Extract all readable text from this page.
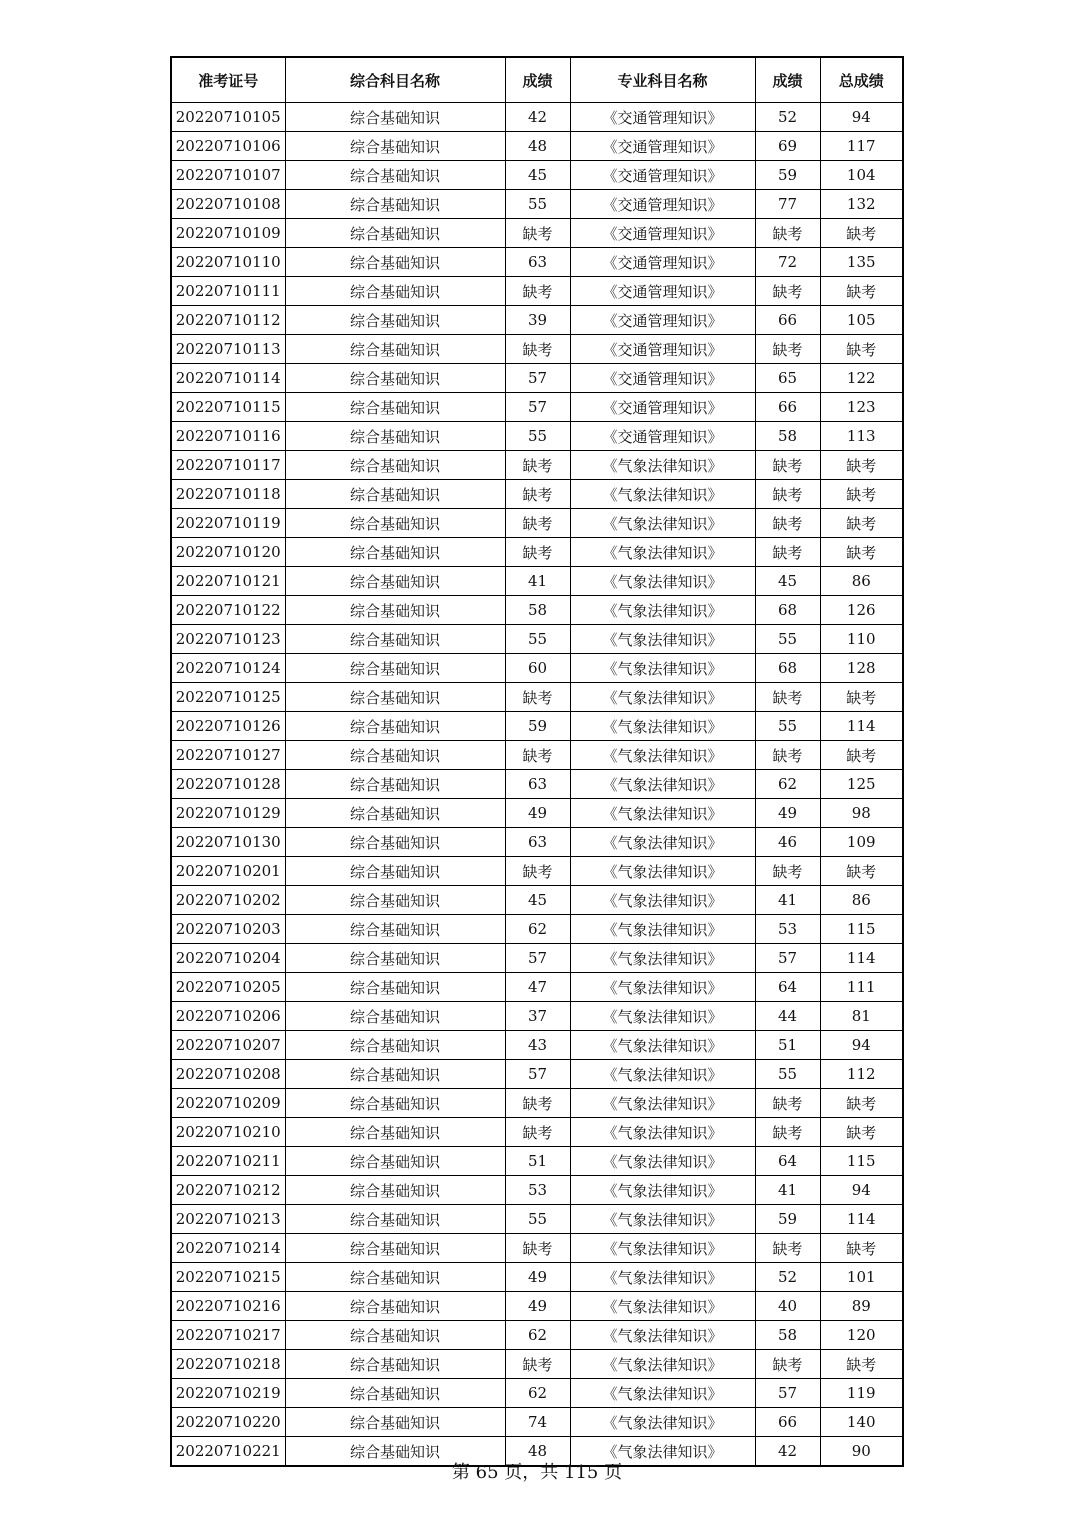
准考证号	综合科目名称	成绩	专业科目名称	成绩	总成绩
20220710105	综合基础知识	42	《交通管理知识》	52	94
20220710106	综合基础知识	48	《交通管理知识》	69	117
20220710107	综合基础知识	45	《交通管理知识》	59	104
20220710108	综合基础知识	55	《交通管理知识》	77	132
20220710109	综合基础知识	缺考	《交通管理知识》	缺考	缺考
20220710110	综合基础知识	63	《交通管理知识》	72	135
20220710111	综合基础知识	缺考	《交通管理知识》	缺考	缺考
20220710112	综合基础知识	39	《交通管理知识》	66	105
20220710113	综合基础知识	缺考	《交通管理知识》	缺考	缺考
20220710114	综合基础知识	57	《交通管理知识》	65	122
20220710115	综合基础知识	57	《交通管理知识》	66	123
20220710116	综合基础知识	55	《交通管理知识》	58	113
20220710117	综合基础知识	缺考	《气象法律知识》	缺考	缺考
20220710118	综合基础知识	缺考	《气象法律知识》	缺考	缺考
20220710119	综合基础知识	缺考	《气象法律知识》	缺考	缺考
20220710120	综合基础知识	缺考	《气象法律知识》	缺考	缺考
20220710121	综合基础知识	41	《气象法律知识》	45	86
20220710122	综合基础知识	58	《气象法律知识》	68	126
20220710123	综合基础知识	55	《气象法律知识》	55	110
20220710124	综合基础知识	60	《气象法律知识》	68	128
20220710125	综合基础知识	缺考	《气象法律知识》	缺考	缺考
20220710126	综合基础知识	59	《气象法律知识》	55	114
20220710127	综合基础知识	缺考	《气象法律知识》	缺考	缺考
20220710128	综合基础知识	63	《气象法律知识》	62	125
20220710129	综合基础知识	49	《气象法律知识》	49	98
20220710130	综合基础知识	63	《气象法律知识》	46	109
20220710201	综合基础知识	缺考	《气象法律知识》	缺考	缺考
20220710202	综合基础知识	45	《气象法律知识》	41	86
20220710203	综合基础知识	62	《气象法律知识》	53	115
20220710204	综合基础知识	57	《气象法律知识》	57	114
20220710205	综合基础知识	47	《气象法律知识》	64	111
20220710206	综合基础知识	37	《气象法律知识》	44	81
20220710207	综合基础知识	43	《气象法律知识》	51	94
20220710208	综合基础知识	57	《气象法律知识》	55	112
20220710209	综合基础知识	缺考	《气象法律知识》	缺考	缺考
20220710210	综合基础知识	缺考	《气象法律知识》	缺考	缺考
20220710211	综合基础知识	51	《气象法律知识》	64	115
20220710212	综合基础知识	53	《气象法律知识》	41	94
20220710213	综合基础知识	55	《气象法律知识》	59	114
20220710214	综合基础知识	缺考	《气象法律知识》	缺考	缺考
20220710215	综合基础知识	49	《气象法律知识》	52	101
20220710216	综合基础知识	49	《气象法律知识》	40	89
20220710217	综合基础知识	62	《气象法律知识》	58	120
20220710218	综合基础知识	缺考	《气象法律知识》	缺考	缺考
20220710219	综合基础知识	62	《气象法律知识》	57	119
20220710220	综合基础知识	74	《气象法律知识》	66	140
20220710221	综合基础知识	48	《气象法律知识》	42	90
第 65 页，共 115 页
